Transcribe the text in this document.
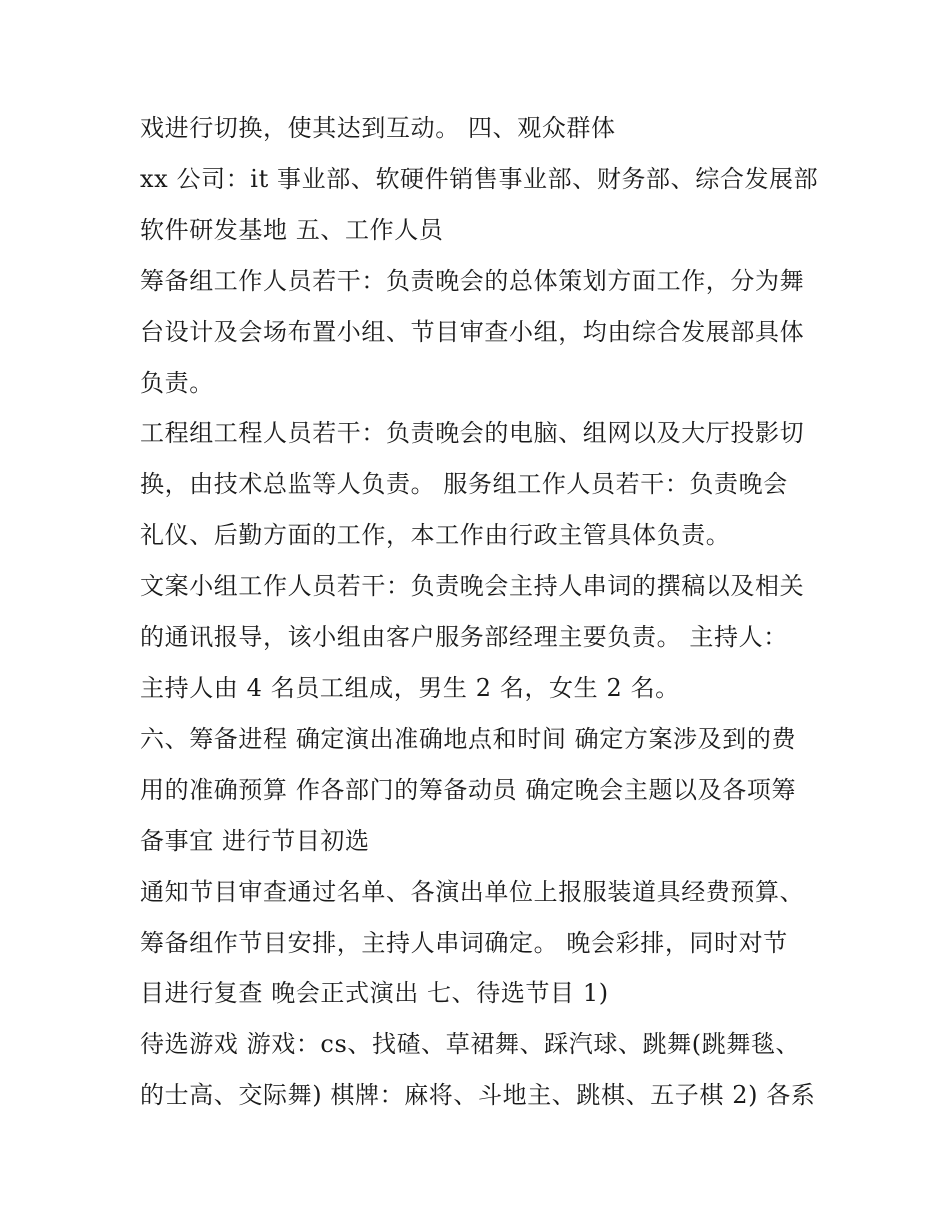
戏进行切换，使其达到互动。 四、观众群体

xx 公司：it 事业部、软硬件销售事业部、财务部、综合发展部

软件研发基地 五、工作人员

筹备组工作人员若干：负责晚会的总体策划方面工作，分为舞

台设计及会场布置小组、节目审查小组，均由综合发展部具体

负责。

工程组工程人员若干：负责晚会的电脑、组网以及大厅投影切

换，由技术总监等人负责。 服务组工作人员若干：负责晚会

礼仪、后勤方面的工作，本工作由行政主管具体负责。

文案小组工作人员若干：负责晚会主持人串词的撰稿以及相关

的通讯报导，该小组由客户服务部经理主要负责。 主持人：

主持人由 4 名员工组成，男生 2 名，女生 2 名。

六、筹备进程 确定演出准确地点和时间 确定方案涉及到的费

用的准确预算 作各部门的筹备动员 确定晚会主题以及各项筹

备事宜 进行节目初选

通知节目审查通过名单、各演出单位上报服装道具经费预算、

筹备组作节目安排，主持人串词确定。 晚会彩排，同时对节

目进行复查 晚会正式演出 七、待选节目 1)

待选游戏 游戏：cs、找碴、草裙舞、踩汽球、跳舞(跳舞毯、

的士高、交际舞) 棋牌：麻将、斗地主、跳棋、五子棋 2) 各系
